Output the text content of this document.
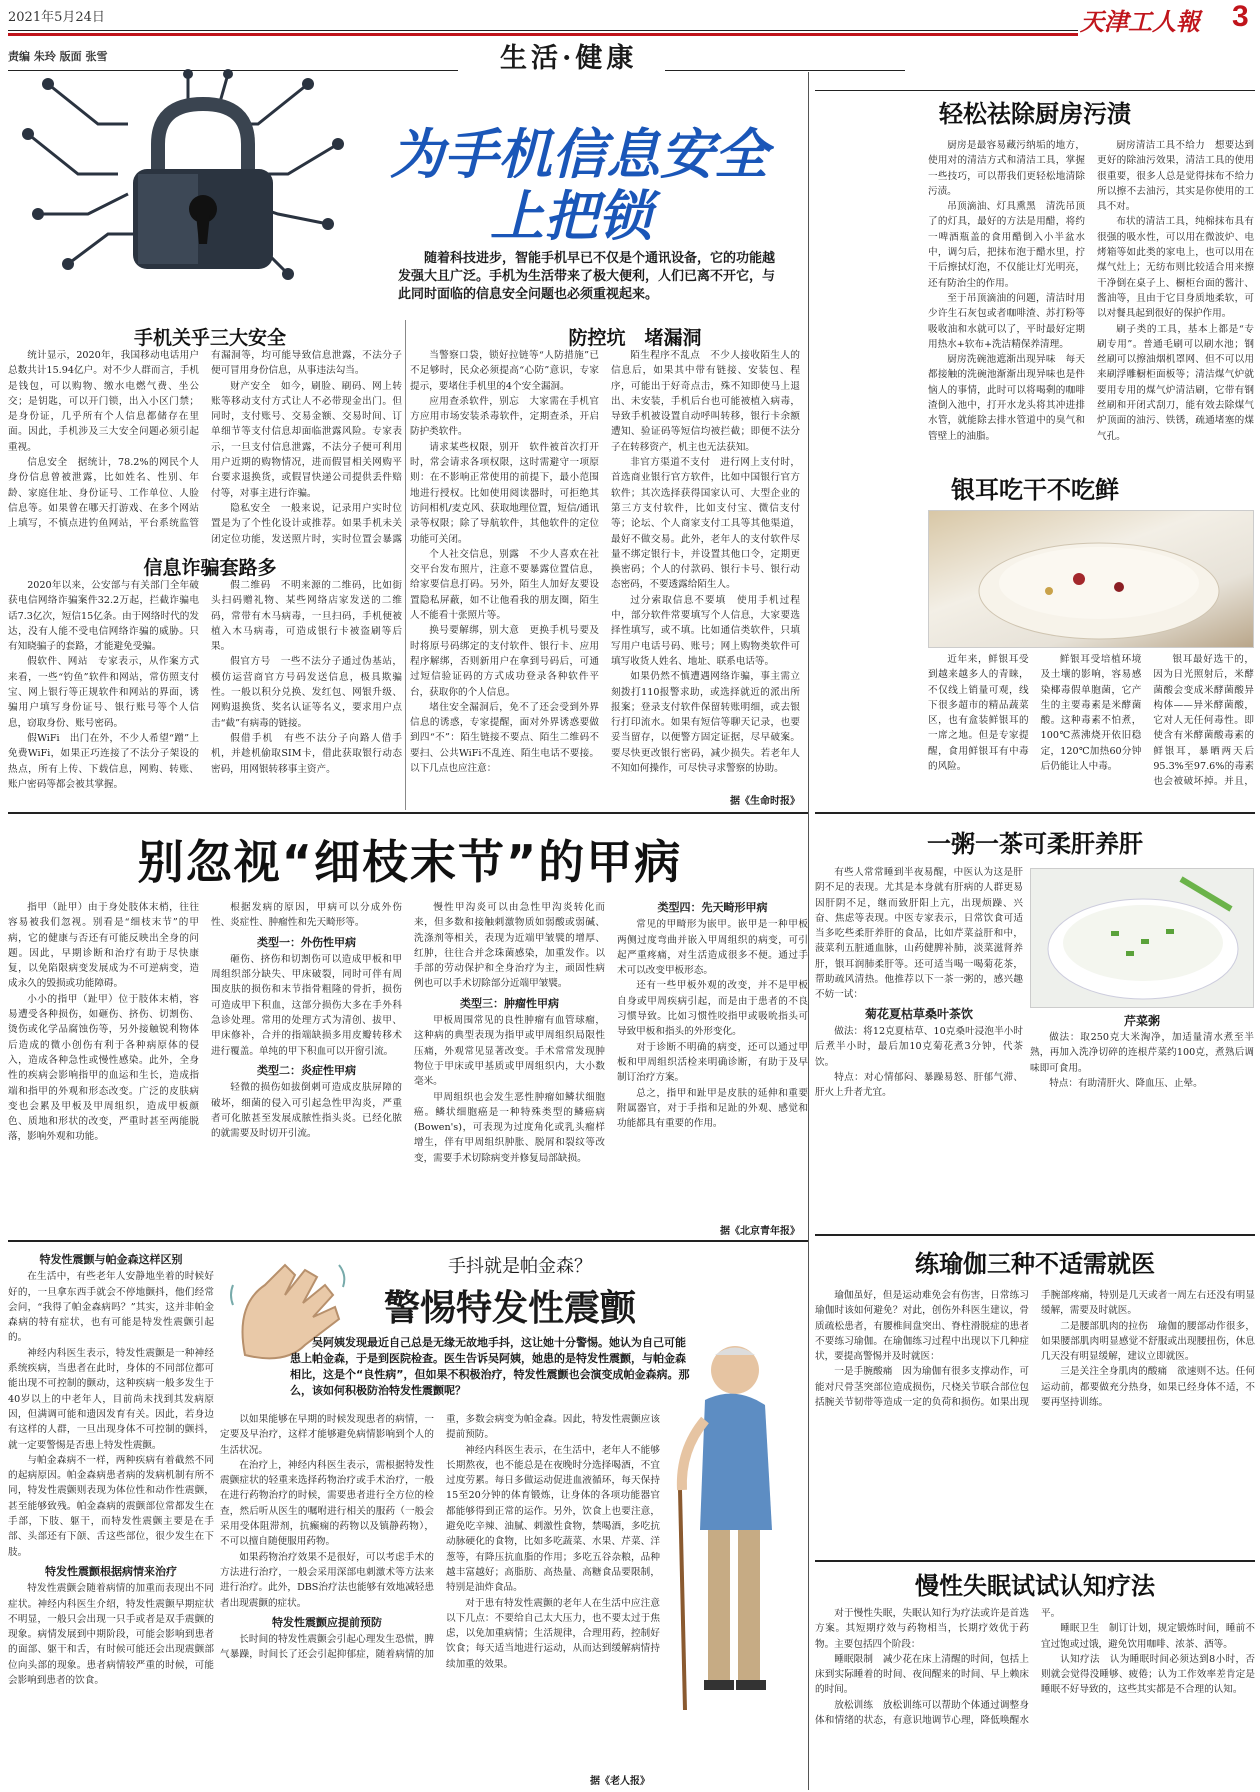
2021年5月24日	天津工人報	3
责编 朱玲 版面 张雪	生活·健康
为手机信息安全
上把锁
随着科技进步，智能手机早已不仅是个通讯设备，它的功能越发强大且广泛。手机为生活带来了极大便利，人们已离不开它，与此同时面临的信息安全问题也必须重视起来。
手机关乎三大安全

统计显示，2020年，我国移动电话用户总数共计15.94亿户。对不少人群而言，手机是钱包，可以购物、缴水电燃气费、坐公交；是钥匙，可以开门锁，出入小区门禁；是身份证，几乎所有个人信息都储存在里面。因此，手机涉及三大安全问题必须引起重视。

信息安全　据统计，78.2%的网民个人身份信息曾被泄露，比如姓名、性别、年龄、家庭住址、身份证号、工作单位、人脸信息等。如果曾在哪天打游戏、在多个网站上填写，不慎点进钓鱼网站，平台系统监管有漏洞等，均可能导致信息泄露，不法分子便可冒用身份信息，从事违法勾当。

财产安全　如今，刷脸、刷码、网上转账等移动支付方式让人不必带现金出门。但同时，支付账号、交易金额、交易时间、订单细节等支付信息却面临泄露风险。专家表示，一旦支付信息泄露，不法分子便可利用用户近期的购物情况，进而假冒相关网购平台要求退换货，或假冒快递公司提供丢件赔付等，对事主进行诈骗。

隐私安全　一般来说，记录用户实时位置是为了个性化设计或推荐。如果手机未关闭定位功能，发送照片时，实时位置会暴露

信息诈骗套路多

2020年以来，公安部与有关部门全年破获电信网络诈骗案件32.2万起，拦截诈骗电话7.3亿次，短信15亿条。由于网络时代的发达，没有人能不受电信网络诈骗的威胁。只有知晓骗子的套路，才能避免受骗。

假软件、网站　专家表示，从作案方式来看，一些“钓鱼”软件和网站，常仿照支付宝、网上银行等正规软件和网站的界面，诱骗用户填写身份证号、银行账号等个人信息，窃取身份、账号密码。

假WiFi　出门在外，不少人希望“蹭”上免费WiFi，如果正巧连接了不法分子架设的热点，所有上传、下载信息，网购、转账、账户密码等都会被其掌握。

假二维码　不明来源的二维码，比如街头扫码赠礼物、某些网络店家发送的二维码，常带有木马病毒，一旦扫码，手机便被植入木马病毒，可造成银行卡被盗刷等后果。

假官方号　一些不法分子通过伪基站，模仿运营商官方号码发送信息，极具欺骗性。一般以积分兑换、发红包、网银升级、网购退换货、奖名认证等名义，要求用户点击“截”有病毒的链接。

假借手机　有些不法分子向路人借手机，并趁机偷取SIM卡，借此获取银行动态密码，用网银转移事主资产。

防控坑　堵漏洞

当警察口袋，锁好拉链等“人防措施”已不足够时，民众必须提高“心防”意识，专家提示，要堵住手机里的4个安全漏洞。

应用查杀软件，别忘　大家需在手机官方应用市场安装杀毒软件，定期查杀，开启防护类软件。

请求某些权限，别开　软件被首次打开时，常会请求各项权限，这时需避守一项原则：在不影响正常使用的前提下，最小范围地进行授权。比如使用阅读器时，可拒绝其访问相机/麦克风、获取地理位置，短信/通讯录等权限；除了导航软件，其他软件的定位功能可关闭。

个人社交信息，别露　不少人喜欢在社交平台发布照片，注意不要暴露位置信息，给家要信息打码。另外，陌生人加好友要设置隐私屏蔽，如不让他看我的朋友圈，陌生人不能看十张照片等。

换号要解绑，别大意　更换手机号要及时将原号码绑定的支付软件、银行卡、应用程序解绑，否则新用户在拿到号码后，可通过短信验证码的方式成功登录各种软件平台，获取你的个人信息。

堵住安全漏洞后，免不了还会受到外界信息的诱惑，专家提醒，面对外界诱惑要做到四“不”：陌生链接不要点、陌生二维码不要扫、公共WiFi不乱连、陌生电话不要接。以下几点也应注意：

陌生程序不乱点　不少人接收陌生人的信息后，如果其中带有链接、安装包、程序，可能出于好奇点击，殊不知即使马上退出、未安装，手机后台也可能被植入病毒，导致手机被设置自动呼叫转移，银行卡余额遭知、验证码等短信均被拦截；即便不法分子在转移资产，机主也无法获知。

非官方渠道不支付　进行网上支付时，首选商业银行官方软件，比如中国银行官方软件；其次选择获得国家认可、大型企业的第三方支付软件，比如支付宝、微信支付等；论坛、个人商家支付工具等其他渠道，最好不做交易。此外，老年人的支付软件尽量不绑定银行卡，并设置其他口令，定期更换密码；个人的付款码、银行卡号、银行动态密码，不要透露给陌生人。

过分索取信息不要填　使用手机过程中，部分软件常要填写个人信息，大家要选择性填写，或不填。比如通信类软件，只填写用户电话号码、账号；网上购物类软件可填写收货人姓名、地址、联系电话等。

如果仍然不慎遭遇网络诈骗，事主需立刻拨打110报警求助，或选择就近的派出所报案；登录支付软件保留转账明细，或去银行打印流水。如果有短信等聊天记录，也要妥当留存，以便警方固定证据，尽早破案。要尽快更改银行密码，减少损失。若老年人不知如何操作，可尽快寻求警察的协助。

据《生命时报》
轻松祛除厨房污渍

厨房是最容易藏污纳垢的地方，使用对的清洁方式和清洁工具，掌握一些技巧，可以帮我们更轻松地清除污渍。

吊顶滴油、灯具熏黑　清洗吊顶了的灯具，最好的方法是用醋，将约一啤酒瓶盖的食用醋倒入小半盆水中，调匀后，把抹布泡于醋水里，拧干后擦拭灯泡，不仅能让灯光明亮，还有防治尘的作用。

至于吊顶滴油的问题，清洁时用少许生石灰包或者咖啡渣、苏打粉等吸收油和水就可以了，平时最好定期用热水+软布+洗洁精保养清理。

厨房洗碗池遮渐出现异味　每天都接触的洗碗池渐渐出现异味也是件恼人的事情，此时可以将喝剩的咖啡渣倒入池中，打开水龙头将其冲进排水管，就能除去排水管道中的臭气和管壁上的油脂。

厨房清洁工具不给力　想要达到更好的除油污效果，清洁工具的使用很重要，很多人总是觉得抹布不给力所以擦不去油污，其实是你使用的工具不对。

布状的清洁工具，纯棉抹布具有很强的吸水性，可以用在微波炉、电烤箱等如此类的家电上，也可以用在煤气灶上；无纺布则比较适合用来擦干净倒在桌子上、橱柜台面的酱汁、酱油等，且由于它目身质地柔软，可以对餐具起到很好的保护作用。

刷子类的工具，基本上都是“专刷专用”。普通毛刷可以刷水池；钢丝刷可以擦油烟机罩网、但不可以用来刷浮雕橱柜面板等；清洁煤气炉就要用专用的煤气炉清洁刷，它带有钢丝刷和开闭式刮刀，能有效去除煤气炉顶面的油污、铁锈，疏通堵塞的煤气孔。

银耳吃干不吃鲜

近年来，鲜银耳受到越来越多人的青睐，不仅线上销量可观，线下很多超市的精品蔬菜区，也有盒装鲜银耳的一席之地。但是专家提醒，食用鲜银耳有中毒的风险。

鲜银耳受培植环境及土壤的影响，容易感染椰毒假单胞菌，它产生的主要毒素是米酵菌酸。这种毒素不怕煮，100℃蒸沸烧开依旧稳定，120℃加热60分钟后仍能让人中毒。

银耳最好选干的，因为日光照射后，米酵菌酸会变成米酵菌酸异构体——异米酵菌酸，它对人无任何毒性。即使含有米酵菌酸毒素的鲜银耳，暴晒两天后95.3%至97.6%的毒素也会被破坏掉。并且，

别忽视“细枝末节”的甲病

指甲（趾甲）由于身处肢体末梢，往往容易被我们忽视。别看是“细枝末节”的甲病，它的健康与否还有可能反映出全身的问题。因此，早期诊断和治疗有助于尽快康复，以免陷限病变发展成为不可逆病变，造成永久的毁损或功能障碍。

小小的指甲（趾甲）位于肢体末梢，容易遭受各种损伤，如砸伤、挤伤、切割伤、烫伤或化学品腐蚀伤等，另外接触锐利物体后造成的微小创伤有利于各种病原体的侵入，造成各种急性或慢性感染。此外，全身性的疾病会影响指甲的血运和生长，造成指端和指甲的外观和形态改变。广泛的皮肤病变也会累及甲板及甲周组织，造成甲板颜色、质地和形状的改变，严重时甚至两能脱落，影响外观和功能。

根据发病的原因，甲病可以分成外伤性、炎症性、肿瘤性和先天畸形等。

类型一：外伤性甲病

砸伤、挤伤和切割伤可以造成甲板和甲周组织部分缺失、甲床破裂，同时可伴有周围皮肤的损伤和末节指骨粗隆的骨折，损伤可造成甲下积血，这部分损伤大多在手外科急诊处理。常用的处理方式为清创、拔甲、甲床修补，合并的指端缺损多用皮瓣转移术进行覆盖。单纯的甲下积血可以开窗引流。

类型二：炎症性甲病

轻微的损伤如拔倒刺可造成皮肤屏障的破坏，细菌的侵入可引起急性甲沟炎，严重者可化脓甚至发展成脓性指头炎。已经化脓的就需要及时切开引流。

慢性甲沟炎可以由急性甲沟炎转化而来，但多数和接触刺激物质如弱酸或弱碱、洗涤剂等相关，表现为近端甲皱襞的增厚、红肿，往往合并念珠菌感染，加重发作。以手部的劳动保护和全身治疗为主，顽固性病例也可以手术切除部分近端甲皱襞。

类型三：肿瘤性甲病

甲板周围常见的良性肿瘤有血管球瘤，这种病的典型表现为指甲或甲周组织局限性压痛，外观常见显著改变。手术常常发现肿物位于甲床或甲基质或甲周组织内，大小数毫米。

甲周组织也会发生恶性肿瘤如鳞状细胞癌。鳞状细胞癌是一种特殊类型的鳞癌病(Bowen's)，可表现为过度角化或乳头瘤样增生，伴有甲周组织肿胀、脱屑和裂纹等改变，需要手术切除病变并修复局部缺损。

类型四：先天畸形甲病

常见的甲畸形为嵌甲。嵌甲是一种甲板两侧过度弯曲并嵌入甲周组织的病变，可引起严重疼痛，对生活造成很多不便。通过手术可以改变甲板形态。

还有一些甲板外观的改变，并不是甲板自身或甲周疾病引起，而是由于患者的不良习惯导致。比如习惯性咬指甲或吸吮指头可导致甲板和指头的外形变化。

对于诊断不明确的病变，还可以通过甲板和甲周组织活检来明确诊断，有助于及早制订治疗方案。

总之，指甲和趾甲是皮肤的延伸和重要附属器官，对于手指和足趾的外观、感觉和功能都具有重要的作用。

据《北京青年报》
一粥一茶可柔肝养肝

有些人常常睡到半夜易醒，中医认为这是肝阴不足的表现。尤其是本身就有肝病的人群更易因肝阴不足，继而致肝阳上亢，出现烦躁、兴奋、焦虑等表现。中医专家表示，日常饮食可适当多吃些柔肝养肝的食品，比如芹菜益肝和中，菠菜利五脏通血脉，山药健脾补肺，淡菜滋肾养肝，银耳润肺柔肝等。还可适当喝一喝菊花茶，帮助疏风清热。他推荐以下一茶一粥的，感兴趣不妨一试：

菊花夏枯草桑叶茶饮

做法：将12克夏枯草、10克桑叶浸泡半小时后煮半小时，最后加10克菊花煮3分钟，代茶饮。

特点：对心情郁闷、暴躁易怒、肝郁气滞、肝火上升者尤宜。

芹菜粥

做法：取250克大米淘净，加适量清水煮至半熟，再加入洗净切碎的连根芹菜约100克，煮熟后调味即可食用。

特点：有助清肝火、降血压、止晕。

手抖就是帕金森？
警惕特发性震颤
吴阿姨发现最近自己总是无缘无故地手抖，这让她十分警惕。她认为自己可能患上帕金森，于是到医院检查。医生告诉吴阿姨，她患的是特发性震颤，与帕金森相比，这是个“良性病”，但如果不积极治疗，特发性震颤也会演变成帕金森病。那么，该如何积极防治特发性震颤呢？
特发性震颤与帕金森这样区别

在生活中，有些老年人安静地坐着的时候好好的，一旦拿东西手就会不停地颤抖，他们经常会问，“我得了帕金森病吗？”其实，这并非帕金森病的特有症状，也有可能是特发性震颤引起的。

神经内科医生表示，特发性震颤是一种神经系统疾病，当患者在此时，身体的不同部位都可能出现不可控制的颤动，这种疾病一般多发生于40岁以上的中老年人，目前尚未找到其发病原因，但满调可能和遗因发育有关。因此，若身边有这样的人群，一旦出现身体不可控制的颤抖，就一定要警惕是否患上特发性震颤。

与帕金森病不一样，两种疾病有着截然不同的起病原因。帕金森病患者病的发病机制有所不同，特发性震颤则表现为体位性和动作性震颤，甚至能够致残。帕金森病的震颤部位常都发生在手部，下肢、躯干，而特发性震颤主要是在手部、头部还有下颌、舌这些部位，很少发生在下肢。

特发性震颤根据病情来治疗

特发性震颤会随着病情的加重而表现出不同症状。神经内科医生介绍，特发性震颤早期症状不明显，一般只会出现一只手或者是双手震颤的现象。病情发展到中期阶段，可能会影响到患者的面部、躯干和舌，有时候可能还会出现震颤部位向头部的现象。患者病情较严重的时候，可能会影响到患者的饮食。

以如果能够在早期的时候发现患者的病情，一定要及早治疗，这样才能够避免病情影响到个人的生活状况。

在治疗上，神经内科医生表示，需根据特发性震颤症状的轻重来选择药物治疗或手术治疗，一般在进行药物治疗的时候，需要患者进行全方位的检查，然后听从医生的嘱咐进行相关的服药（一般会采用受体阻滞剂，抗癫痫的药物以及镇静药物），不可以擅自随便服用药物。

如果药物治疗效果不是很好，可以考虑手术的方法进行治疗，一般会采用深部电刺激术等方法来进行治疗。此外，DBS治疗法也能够有效地减轻患者出现震颤的症状。

特发性震颤应提前预防

长时间的特发性震颤会引起心理发生恐慌，脾气暴躁，时间长了还会引起抑郁症，随着病情的加重，多数会病变为帕金森。因此，特发性震颤应该提前预防。

神经内科医生表示，在生活中，老年人不能够长期熬夜，也不能总是在夜晚时分选择喝酒，不宜过度劳累。每日多做运动促进血液循环，每天保持15至20分钟的体育锻炼，让身体的各项功能器官都能够得到正常的运作。另外，饮食上也要注意，避免吃辛辣、油腻、刺激性食物，禁喝酒，多吃抗动脉硬化的食物，比如多吃蔬菜、水果、芹菜、洋葱等，有降压抗血脂的作用；多吃五谷杂粮，品种越丰富越好；高脂肪、高热量、高糖食品要限制，特别是油炸食品。

对于患有特发性震颤的老年人在生活中应注意以下几点：不要给自己太大压力，也不要太过于焦虑，以免加重病情；生活规律，合理用药，控制好饮食；每天适当地进行运动，从而达到缓解病情持续加重的效果。

据《老人报》
练瑜伽三种不适需就医

瑜伽虽好，但是运动难免会有伤害，日常练习瑜伽时该如何避免？对此，创伤外科医生建议，骨质疏松患者，有腰椎间盘突出、脊柱滑脱症的患者不要练习瑜伽。在瑜伽练习过程中出现以下几种症状，要提高警惕并及时就医：

一是手腕酸痛　因为瑜伽有很多支撑动作，可能对尺骨茎突部位造成损伤，尺桡关节联合部位包括腕关节韧带等造成一定的负荷和损伤。如果出现手腕部疼痛，特别是几天或者一周左右还没有明显缓解，需要及时就医。

二是腰部肌肉的拉伤　瑜伽的腰部动作很多，如果腰部肌肉明显感觉不舒服或出现腰扭伤，休息几天没有明显缓解，建议立即就医。

三是关注全身肌肉的酸痛　欲速则不达。任何运动前，都要做充分热身，如果已经身体不适，不要再坚持训练。

慢性失眠试试认知疗法

对于慢性失眠，失眠认知行为疗法或许是首选方案。其短期疗效与药物相当，长期疗效优于药物。主要包括四个阶段：

睡眠限制　减少花在床上清醒的时间，包括上床到实际睡着的时间、夜间醒来的时间、早上赖床的时间。

放松训练　放松训练可以帮助个体通过调整身体和情绪的状态，有意识地调节心理，降低唤醒水平。

睡眠卫生　制订计划，规定锻炼时间，睡前不宜过饱或过饿，避免饮用咖啡、浓茶、酒等。

认知疗法　认为睡眠时间必须达到8小时，否则就会觉得没睡够、疲倦；认为工作效率差肯定是睡眠不好导致的，这些其实都是不合理的认知。
